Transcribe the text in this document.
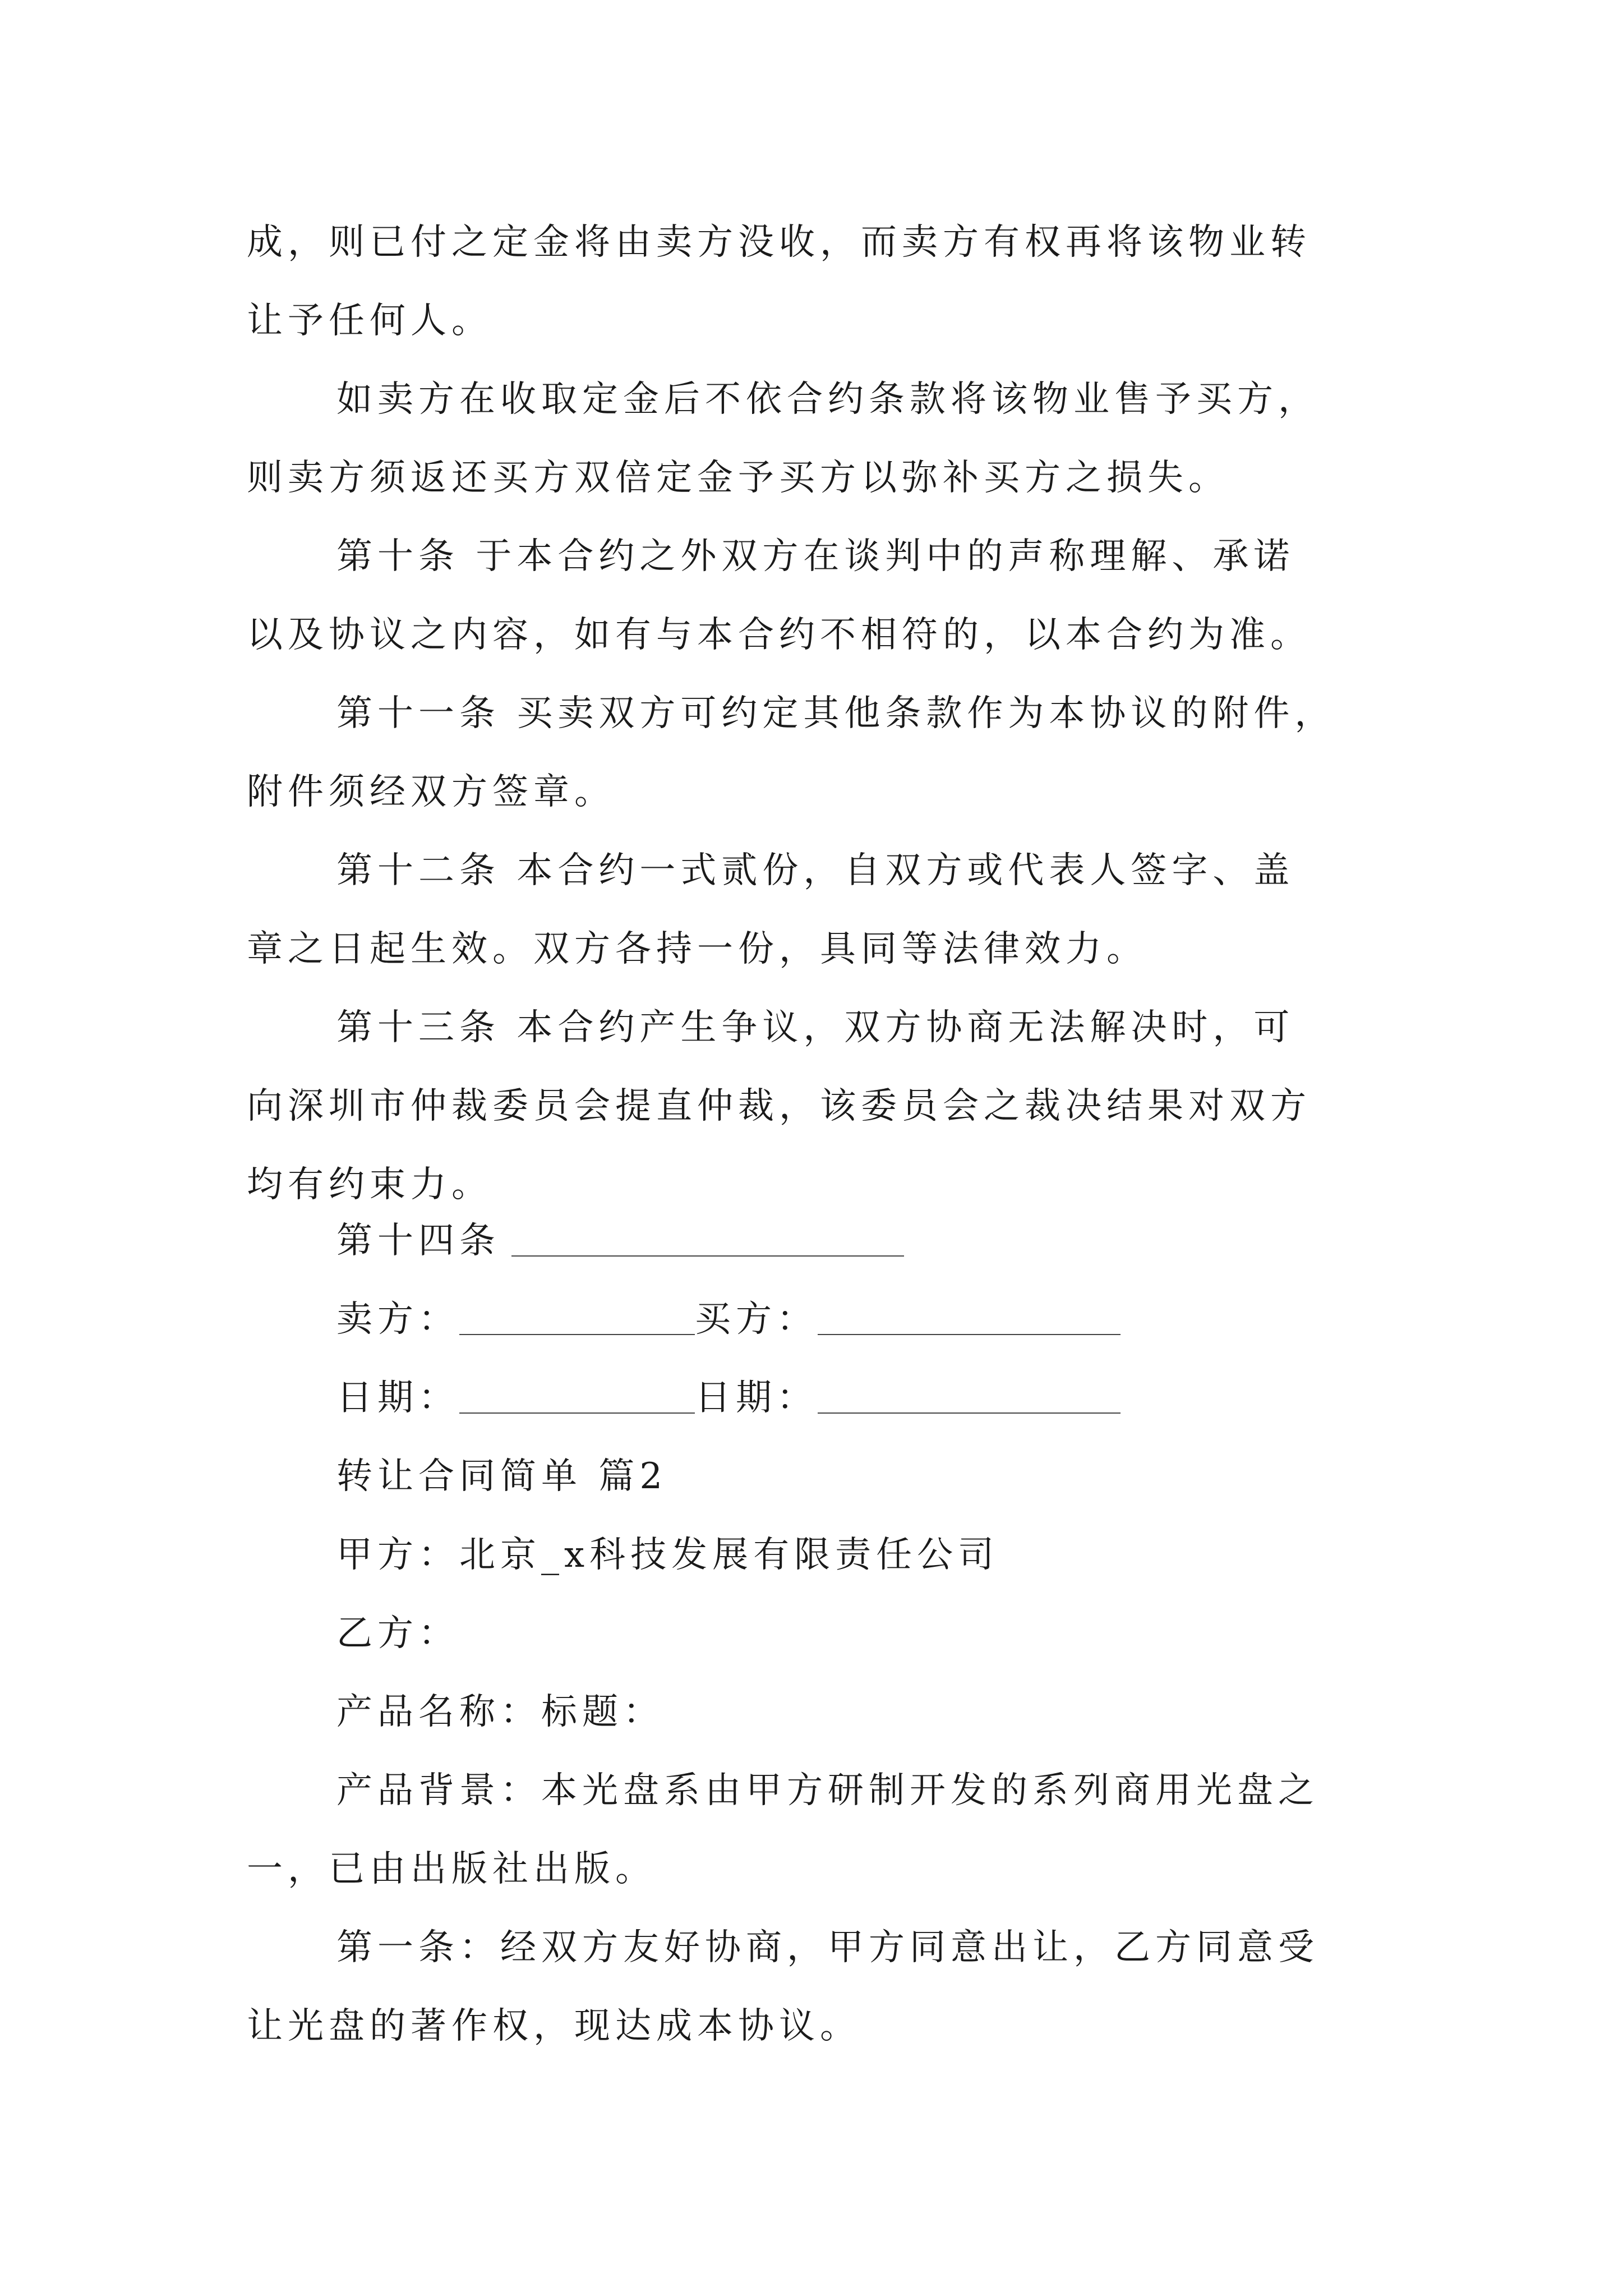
成，则已付之定金将由卖方没收，而卖方有权再将该物业转
让予任何人。
如卖方在收取定金后不依合约条款将该物业售予买方，
则卖方须返还买方双倍定金予买方以弥补买方之损失。
第十条 于本合约之外双方在谈判中的声称理解、承诺
以及协议之内容，如有与本合约不相符的，以本合约为准。
第十一条 买卖双方可约定其他条款作为本协议的附件，
附件须经双方签章。
第十二条 本合约一式贰份，自双方或代表人签字、盖
章之日起生效。双方各持一份，具同等法律效力。
第十三条 本合约产生争议，双方协商无法解决时，可
向深圳市仲裁委员会提直仲裁，该委员会之裁决结果对双方
均有约束力。
第十四条
卖方：	买方：
日期：	日期：
转让合同简单 篇2
甲方：北京_x科技发展有限责任公司
乙方：
产品名称：标题：
产品背景：本光盘系由甲方研制开发的系列商用光盘之
一，已由出版社出版。
第一条：经双方友好协商，甲方同意出让，乙方同意受
让光盘的著作权，现达成本协议。
